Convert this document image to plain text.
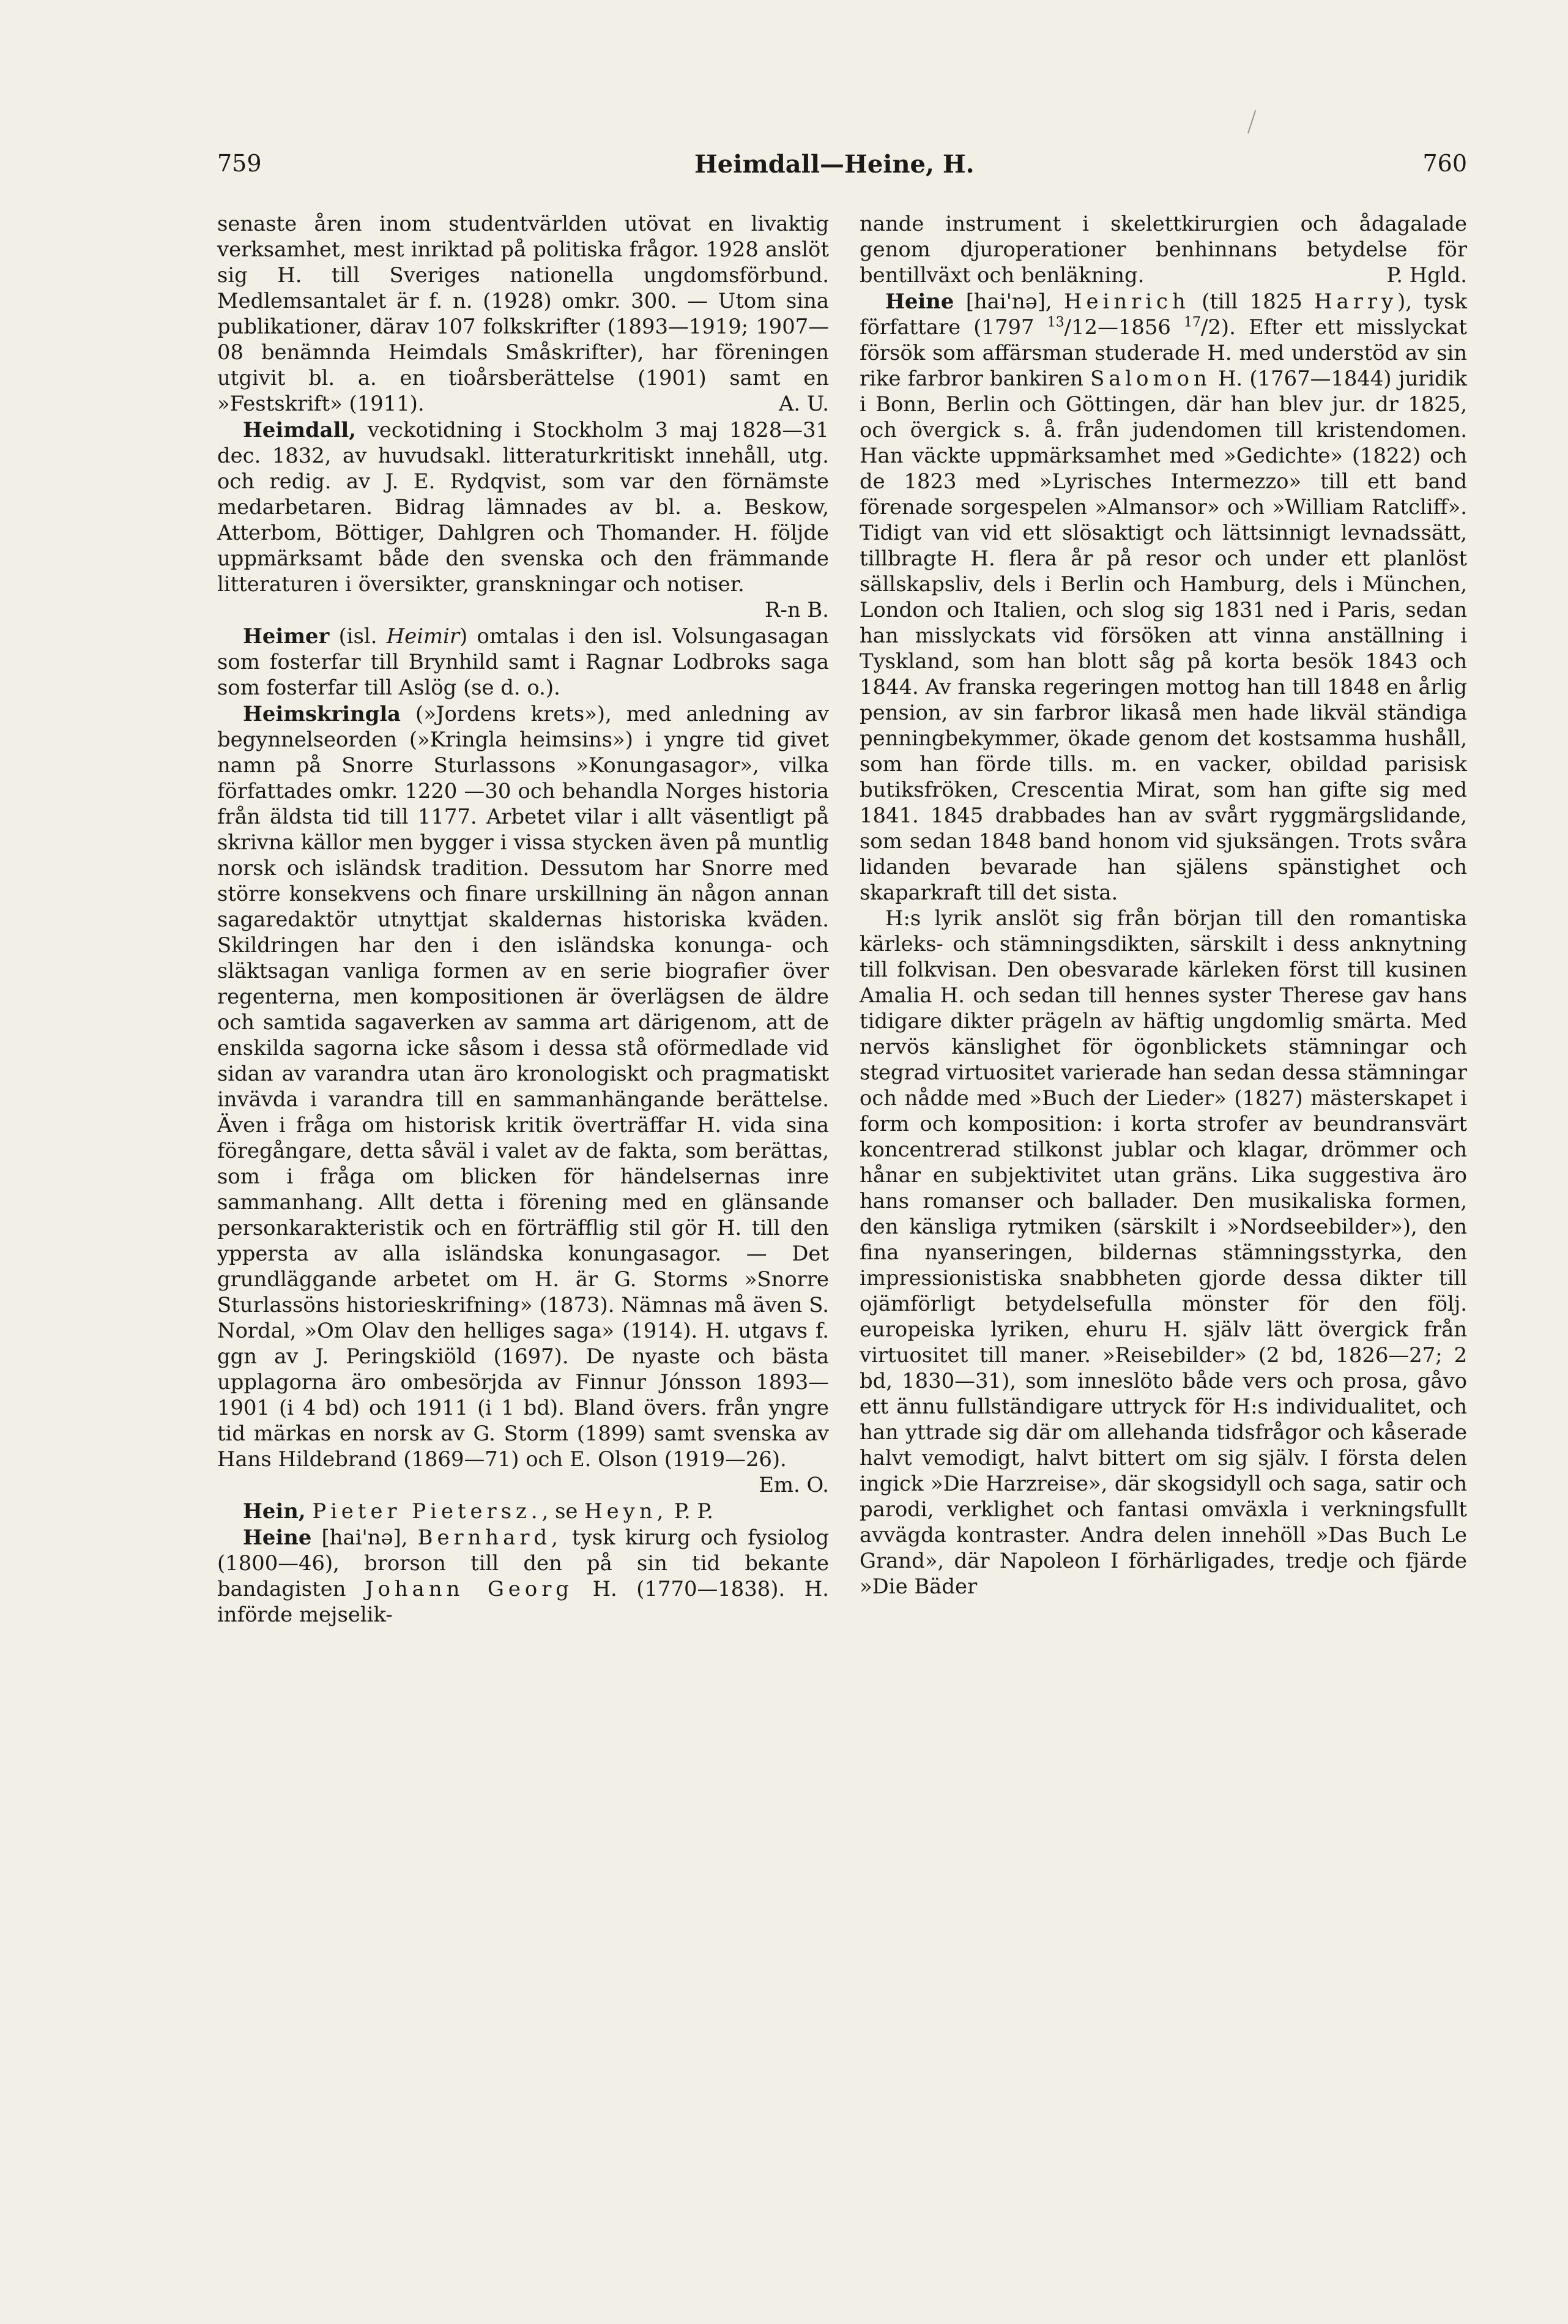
759	Heimdall—Heine, H.	760

senaste åren inom studentvärlden utövat en livaktig verksamhet, mest inriktad på politiska frågor. 1928 anslöt sig H. till Sveriges nationella ungdomsförbund. Medlemsantalet är f. n. (1928) omkr. 300. — Utom sina publikationer, därav 107 folkskrifter (1893—1919; 1907—08 benämnda Heimdals Småskrifter), har föreningen utgivit bl. a. en tioårsberättelse (1901) samt en »Festskrift» (1911).	A. U.

Heimdall, veckotidning i Stockholm 3 maj 1828—31 dec. 1832, av huvudsakl. litteraturkritiskt innehåll, utg. och redig. av J. E. Rydqvist, som var den förnämste medarbetaren. Bidrag lämnades av bl. a. Beskow, Atterbom, Böttiger, Dahlgren och Thomander. H. följde uppmärksamt både den svenska och den främmande litteraturen i översikter, granskningar och notiser.
R-n B.

Heimer (isl. Heimir) omtalas i den isl. Volsungasagan som fosterfar till Brynhild samt i Ragnar Lodbroks saga som fosterfar till Aslög (se d. o.).

Heimskringla (»Jordens krets»), med anledning av begynnelseorden (»Kringla heimsins») i yngre tid givet namn på Snorre Sturlassons »Konungasagor», vilka författades omkr. 1220 —30 och behandla Norges historia från äldsta tid till 1177. Arbetet vilar i allt väsentligt på skrivna källor men bygger i vissa stycken även på muntlig norsk och isländsk tradition. Dessutom har Snorre med större konsekvens och finare urskillning än någon annan sagaredaktör utnyttjat skaldernas historiska kväden. Skildringen har den i den isländska konunga- och släktsagan vanliga formen av en serie biografier över regenterna, men kompositionen är överlägsen de äldre och samtida sagaverken av samma art därigenom, att de enskilda sagorna icke såsom i dessa stå oförmedlade vid sidan av varandra utan äro kronologiskt och pragmatiskt invävda i varandra till en sammanhängande berättelse. Även i fråga om historisk kritik överträffar H. vida sina föregångare, detta såväl i valet av de fakta, som berättas, som i fråga om blicken för händelsernas inre sammanhang. Allt detta i förening med en glänsande personkarakteristik och en förträfflig stil gör H. till den yppersta av alla isländska konungasagor. — Det grundläggande arbetet om H. är G. Storms »Snorre Sturlassöns historieskrifning» (1873). Nämnas må även S. Nordal, »Om Olav den helliges saga» (1914). H. utgavs f. ggn av J. Peringskiöld (1697). De nyaste och bästa upplagorna äro ombesörjda av Finnur Jónsson 1893—1901 (i 4 bd) och 1911 (i 1 bd). Bland övers. från yngre tid märkas en norsk av G. Storm (1899) samt svenska av Hans Hildebrand (1869—71) och E. Olson (1919—26).
Em. O.

Hein, Pieter Pietersz., se Heyn, P. P.

Heine [hai'nə], Bernhard, tysk kirurg och fysiolog (1800—46), brorson till den på sin tid bekante bandagisten Johann Georg H. (1770—1838). H. införde mejselik-

nande instrument i skelettkirurgien och ådagalade genom djuroperationer benhinnans betydelse för bentillväxt och benläkning.	P. Hgld.

Heine [hai'nə], Heinrich (till 1825 Harry), tysk författare (1797 $^{13}$/12—1856 $^{17}$/2). Efter ett misslyckat försök som affärsman studerade H. med understöd av sin rike farbror bankiren Salomon H. (1767—1844) juridik i Bonn, Berlin och Göttingen, där han blev jur. dr 1825, och övergick s. å. från judendomen till kristendomen. Han väckte uppmärksamhet med »Gedichte» (1822) och de 1823 med »Lyrisches Intermezzo» till ett band förenade sorgespelen »Almansor» och »William Ratcliff». Tidigt van vid ett slösaktigt och lättsinnigt levnadssätt, tillbragte H. flera år på resor och under ett planlöst sällskapsliv, dels i Berlin och Hamburg, dels i München, London och Italien, och slog sig 1831 ned i Paris, sedan han misslyckats vid försöken att vinna anställning i Tyskland, som han blott såg på korta besök 1843 och 1844. Av franska regeringen mottog han till 1848 en årlig pension, av sin farbror likaså men hade likväl ständiga penningbekymmer, ökade genom det kostsamma hushåll, som han förde tills. m. en vacker, obildad parisisk butiksfröken, Crescentia Mirat, som han gifte sig med 1841. 1845 drabbades han av svårt ryggmärgslidande, som sedan 1848 band honom vid sjuksängen. Trots svåra lidanden bevarade han själens spänstighet och skaparkraft till det sista.

H:s lyrik anslöt sig från början till den romantiska kärleks- och stämningsdikten, särskilt i dess anknytning till folkvisan. Den obesvarade kärleken först till kusinen Amalia H. och sedan till hennes syster Therese gav hans tidigare dikter prägeln av häftig ungdomlig smärta. Med nervös känslighet för ögonblickets stämningar och stegrad virtuositet varierade han sedan dessa stämningar och nådde med »Buch der Lieder» (1827) mästerskapet i form och komposition: i korta strofer av beundransvärt koncentrerad stilkonst jublar och klagar, drömmer och hånar en subjektivitet utan gräns. Lika suggestiva äro hans romanser och ballader. Den musikaliska formen, den känsliga rytmiken (särskilt i »Nordseebilder»), den fina nyanseringen, bildernas stämningsstyrka, den impressionistiska snabbheten gjorde dessa dikter till ojämförligt betydelsefulla mönster för den följ. europeiska lyriken, ehuru H. själv lätt övergick från virtuositet till maner. »Reisebilder» (2 bd, 1826—27; 2 bd, 1830—31), som inneslöto både vers och prosa, gåvo ett ännu fullständigare uttryck för H:s individualitet, och han yttrade sig där om allehanda tidsfrågor och kåserade halvt vemodigt, halvt bittert om sig själv. I första delen ingick »Die Harzreise», där skogsidyll och saga, satir och parodi, verklighet och fantasi omväxla i verkningsfullt avvägda kontraster. Andra delen innehöll »Das Buch Le Grand», där Napoleon I förhärligades, tredje och fjärde »Die Bäder
